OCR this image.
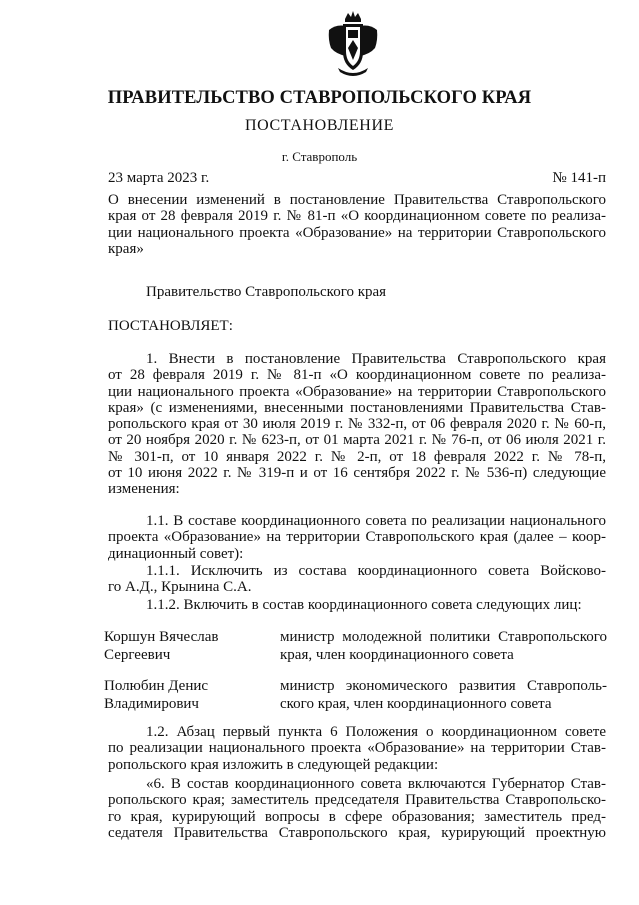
ПРАВИТЕЛЬСТВО СТАВРОПОЛЬСКОГО КРАЯ
ПОСТАНОВЛЕНИЕ
г. Ставрополь
23 марта 2023 г.	№ 141-п
О внесении изменений в постановление Правительства Ставропольского
края от 28 февраля 2019 г. № 81-п «О координационном совете по реализа-
ции национального проекта «Образование» на территории Ставропольского
края»
Правительство Ставропольского края
ПОСТАНОВЛЯЕТ:
1. Внести в постановление Правительства Ставропольского края
от 28 февраля 2019 г. № 81-п «О координационном совете по реализа-
ции национального проекта «Образование» на территории Ставропольского
края» (с изменениями, внесенными постановлениями Правительства Став-
ропольского края от 30 июля 2019 г. № 332-п, от 06 февраля 2020 г. № 60-п,
от 20 ноября 2020 г. № 623-п, от 01 марта 2021 г. № 76-п, от 06 июля 2021 г.
№ 301-п, от 10 января 2022 г. № 2-п, от 18 февраля 2022 г. № 78-п,
от 10 июня 2022 г. № 319-п и от 16 сентября 2022 г. № 536-п) следующие
изменения:
1.1. В составе координационного совета по реализации национального
проекта «Образование» на территории Ставропольского края (далее – коор-
динационный совет):
1.1.1. Исключить из состава координационного совета Войсково-
го А.Д., Крынина С.А.
1.1.2. Включить в состав координационного совета следующих лиц:
Коршун Вячеслав
Сергеевич
министр молодежной политики Ставропольского
края, член координационного совета
Полюбин Денис
Владимирович
министр экономического развития Ставрополь-
ского края, член координационного совета
1.2. Абзац первый пункта 6 Положения о координационном совете
по реализации национального проекта «Образование» на территории Став-
ропольского края изложить в следующей редакции:
«6. В состав координационного совета включаются Губернатор Став-
ропольского края; заместитель председателя Правительства Ставропольско-
го края, курирующий вопросы в сфере образования; заместитель пред-
седателя Правительства Ставропольского края, курирующий проектную
